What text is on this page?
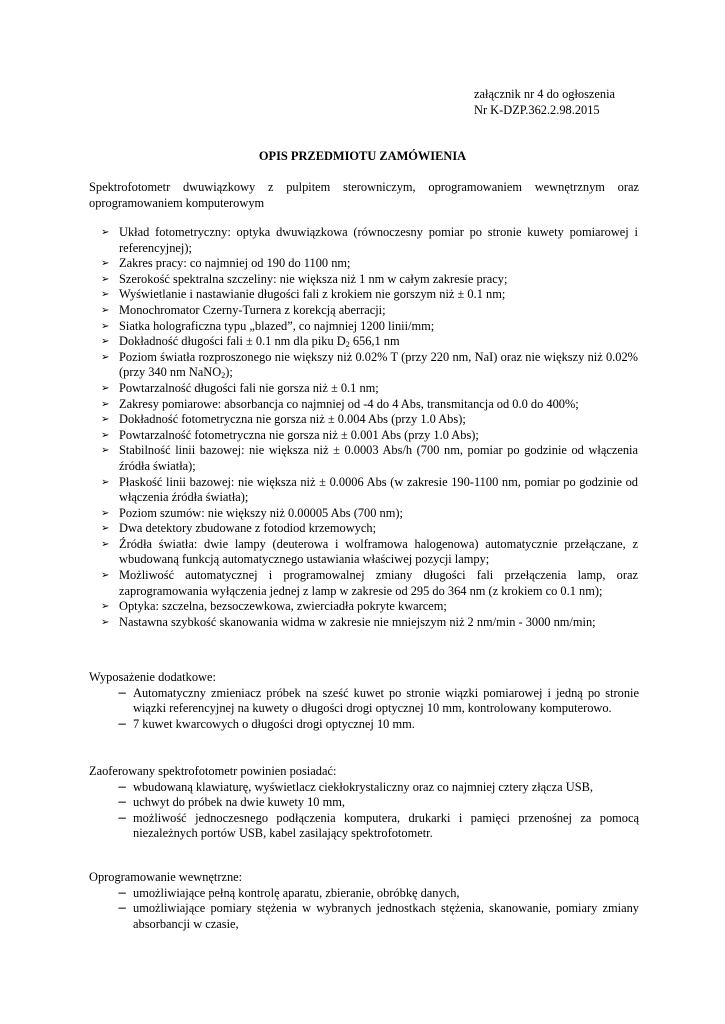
załącznik nr 4 do ogłoszenia
Nr K-DZP.362.2.98.2015
OPIS PRZEDMIOTU ZAMÓWIENIA
Spektrofotometr dwuwiązkowy z pulpitem sterowniczym, oprogramowaniem wewnętrznym oraz oprogramowaniem komputerowym
➢ Układ fotometryczny: optyka dwuwiązkowa (równoczesny pomiar po stronie kuwety pomiarowej i referencyjnej);
➢ Zakres pracy: co najmniej od 190 do 1100 nm;
➢ Szerokość spektralna szczeliny: nie większa niż 1 nm w całym zakresie pracy;
➢ Wyświetlanie i nastawianie długości fali z krokiem nie gorszym niż ± 0.1 nm;
➢ Monochromator Czerny-Turnera z korekcją aberracji;
➢ Siatka holograficzna typu „blazed”, co najmniej 1200 linii/mm;
➢ Dokładność długości fali ± 0.1 nm dla piku $D_2$ 656,1 nm
➢ Poziom światła rozproszonego nie większy niż 0.02% T (przy 220 nm, NaI) oraz nie większy niż 0.02% (przy 340 nm NaNO$_2$);
➢ Powtarzalność długości fali nie gorsza niż ± 0.1 nm;
➢ Zakresy pomiarowe: absorbancja co najmniej od -4 do 4 Abs, transmitancja od 0.0 do 400%;
➢ Dokładność fotometryczna nie gorsza niż ± 0.004 Abs (przy 1.0 Abs);
➢ Powtarzalność fotometryczna nie gorsza niż ± 0.001 Abs (przy 1.0 Abs);
➢ Stabilność linii bazowej: nie większa niż ± 0.0003 Abs/h (700 nm, pomiar po godzinie od włączenia źródła światła);
➢ Płaskość linii bazowej: nie większa niż ± 0.0006 Abs (w zakresie 190-1100 nm, pomiar po godzinie od włączenia źródła światła);
➢ Poziom szumów: nie większy niż 0.00005 Abs (700 nm);
➢ Dwa detektory zbudowane z fotodiod krzemowych;
➢ Źródła światła: dwie lampy (deuterowa i wolframowa halogenowa) automatycznie przełączane, z wbudowaną funkcją automatycznego ustawiania właściwej pozycji lampy;
➢ Możliwość automatycznej i programowalnej zmiany długości fali przełączenia lamp, oraz zaprogramowania wyłączenia jednej z lamp w zakresie od 295 do 364 nm (z krokiem co 0.1 nm);
➢ Optyka: szczelna, bezsoczewkowa, zwierciadła pokryte kwarcem;
➢ Nastawna szybkość skanowania widma w zakresie nie mniejszym niż 2 nm/min - 3000 nm/min;
Wyposażenie dodatkowe:
− Automatyczny zmieniacz próbek na sześć kuwet po stronie wiązki pomiarowej i jedną po stronie wiązki referencyjnej na kuwety o długości drogi optycznej 10 mm, kontrolowany komputerowo.
− 7 kuwet kwarcowych o długości drogi optycznej 10 mm.
Zaoferowany spektrofotometr powinien posiadać:
− wbudowaną klawiaturę, wyświetlacz ciekłokrystaliczny oraz co najmniej cztery złącza USB,
− uchwyt do próbek na dwie kuwety 10 mm,
− możliwość jednoczesnego podłączenia komputera, drukarki i pamięci przenośnej za pomocą niezależnych portów USB, kabel zasilający spektrofotometr.
Oprogramowanie wewnętrzne:
− umożliwiające pełną kontrolę aparatu, zbieranie, obróbkę danych,
− umożliwiające pomiary stężenia w wybranych jednostkach stężenia, skanowanie, pomiary zmiany absorbancji w czasie,
